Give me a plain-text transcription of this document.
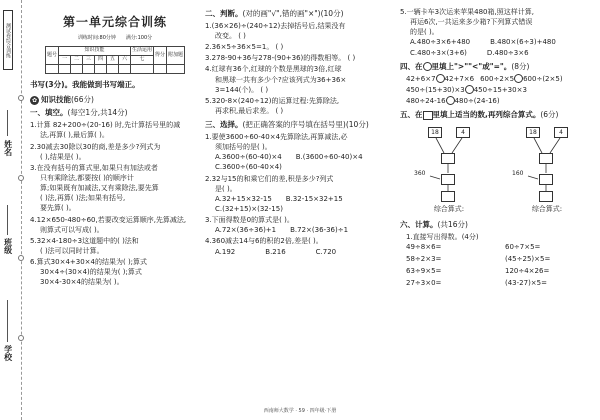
测试卷综合训练
姓名
班级
学校
第一单元综合训练
训练时间:80分钟 满分:100分
题号	知识技能						生活运用	得分	附加题
	一	二	三	四	五	六	七		

书写(3分)。我能做到书写端正。
✿ 知识技能(66分)
一、填空。(每空1分,共14分)
1.计算 82+200÷(20-16) 时,先计算括号里的减
法,再算( ),最后算( )。
2.30减去30除以30的商,差是多少?列式为
( ),结果是( )。
3.在没有括号的算式里,如果只有加法或者
只有乘除法,都要按( )的顺序计
算;如果既有加减法,又有乘除法,要先算
( )法,再算( )法;如果有括号,
要先算( )。
4.12×650-480÷60,若要改变运算顺序,先算减法,
则算式可以写成( )。
5.32×4-180÷3这道题中的( )法和
( )法可以同时计算。
6.算式30×4+30×4的结果为( );算式
30×4÷(30×4)的结果为( );算式
30×4-30×4的结果为( )。
二、判断。(对的画"√",错的画"×")(10分)
1.(36×26)÷(240÷12)去掉括号后,结果没有
改变。 ( )
2.36×5÷36×5=1。 ( )
3.278-90+36与278-(90+36)的得数相等。 ( )
4.红球有36个,红球的个数是黑球的3倍,红球
和黑球一共有多少个?应该列式为36+36×
3=144(个)。 ( )
5.320-8×(240÷12)的运算过程:先算除法,
再求积,最后求差。 ( )
三、选择。(把正确答案的序号填在括号里)(10分)
1.要使3600÷60-40×4先算除法,再算减法,必
须加括号的是( )。
A.3600÷(60-40)×4 B.(3600÷60-40)×4
C.3600÷(60-40×4)
2.32与15的和乘它们的差,积是多少?列式
是( )。
A.32+15×32-15 B.32-15×32+15
C.(32+15)×(32-15)
3.下面得数是0的算式是( )。
A.72×(36÷36)+1 B.72×(36-36)÷1
4.360减去14与6的积的2倍,差是( )。
A.192	B.216	C.720
5.一辆卡车3次运来苹果480箱,照这样计算,
再运6次,一共运来多少箱?下列算式错误
的是( )。
A.480÷3×6+480	B.480×(6÷3)+480
C.480÷3×(3+6)	D.480÷3×6
四、在 里填上">""<"或"="。(8分)
42+6×7 42+7×6 600÷2×5 600÷(2×5)
450÷(15+30)×3 450÷15+30×3
480÷24-16 480÷(24-16)
五、在 里填上适当的数,再列综合算式。(6分)
18	4
360
18	4
160
综合算式:	综合算式:
六、计算。(共16分)
1.直接写出得数。(4分)
49÷8×6=	60÷7×5=
58÷2×3=	(45÷25)×5=
63÷9×5=	120÷4×26=
27÷3×0=	(43-27)×5=
西南师大数学 · 59 · 四年级·下册
